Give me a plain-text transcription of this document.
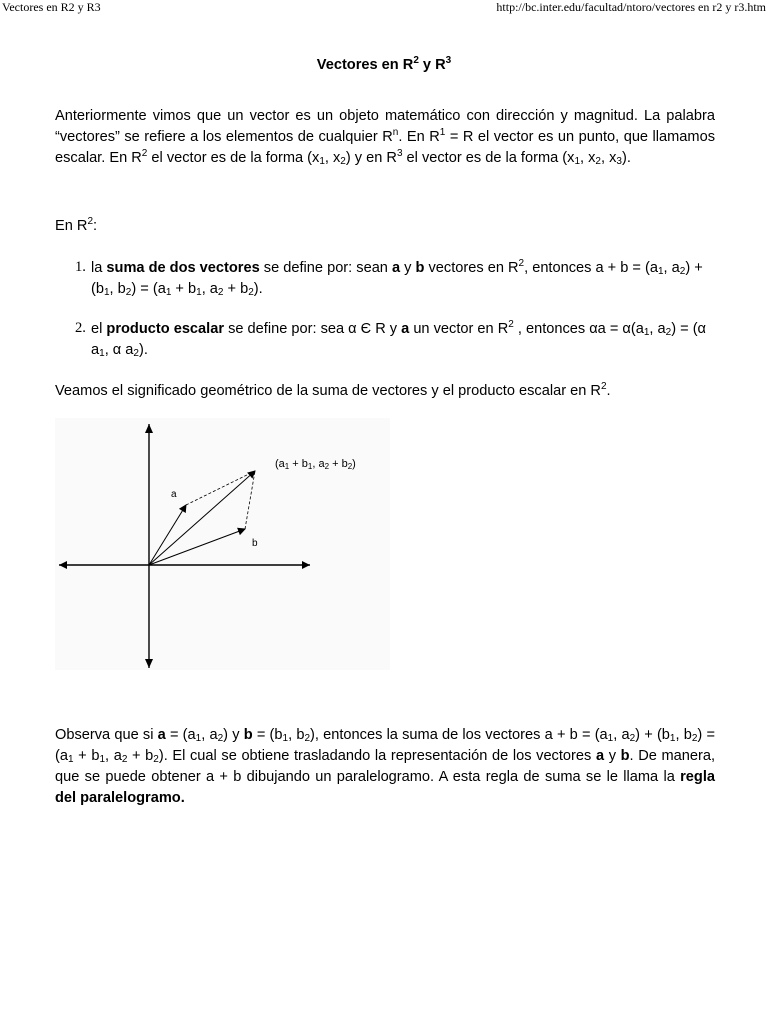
Vectores en R2 y R3	http://bc.inter.edu/facultad/ntoro/vectores en r2 y r3.htm
Vectores en $R^2$ y $R^3$
Anteriormente vimos que un vector es un objeto matemático con dirección y magnitud. La palabra “vectores” se refiere a los elementos de cualquier $R^n$. En $R^1 = R$ el vector es un punto, que llamamos escalar. En $R^2$ el vector es de la forma ($x_1$, $x_2$) y en $R^3$ el vector es de la forma ($x_1$, $x_2$, $x_3$).
En $R^2$:
1. la suma de dos vectores se define por: sean a y b vectores en $R^2$, entonces $a + b = (a_1$, $a_2) + (b_1$, $b_2) = (a_1 + b_1$, $a_2 + b_2$).
2. el producto escalar se define por: sea α Є R y a un vector en $R^2$ , entonces $\alpha a = \alpha(a_1$, $a_2) = (\alpha$ $a_1$, α $a_2$).
Veamos el significado geométrico de la suma de vectores y el producto escalar en $R^2$.
a
b
(a1 + b1, a2 + b2)
Observa que si $a = (a_1$, $a_2$) y $b = (b_1$, $b_2$), entonces la suma de los vectores $a + b = (a_1$, $a_2) + (b_1$, $b_2) = (a_1 + b_1$, $a_2 + b_2$). El cual se obtiene trasladando la representación de los vectores a y b. De manera, que se puede obtener a + b dibujando un paralelogramo. A esta regla de suma se le llama la regla del paralelogramo.
